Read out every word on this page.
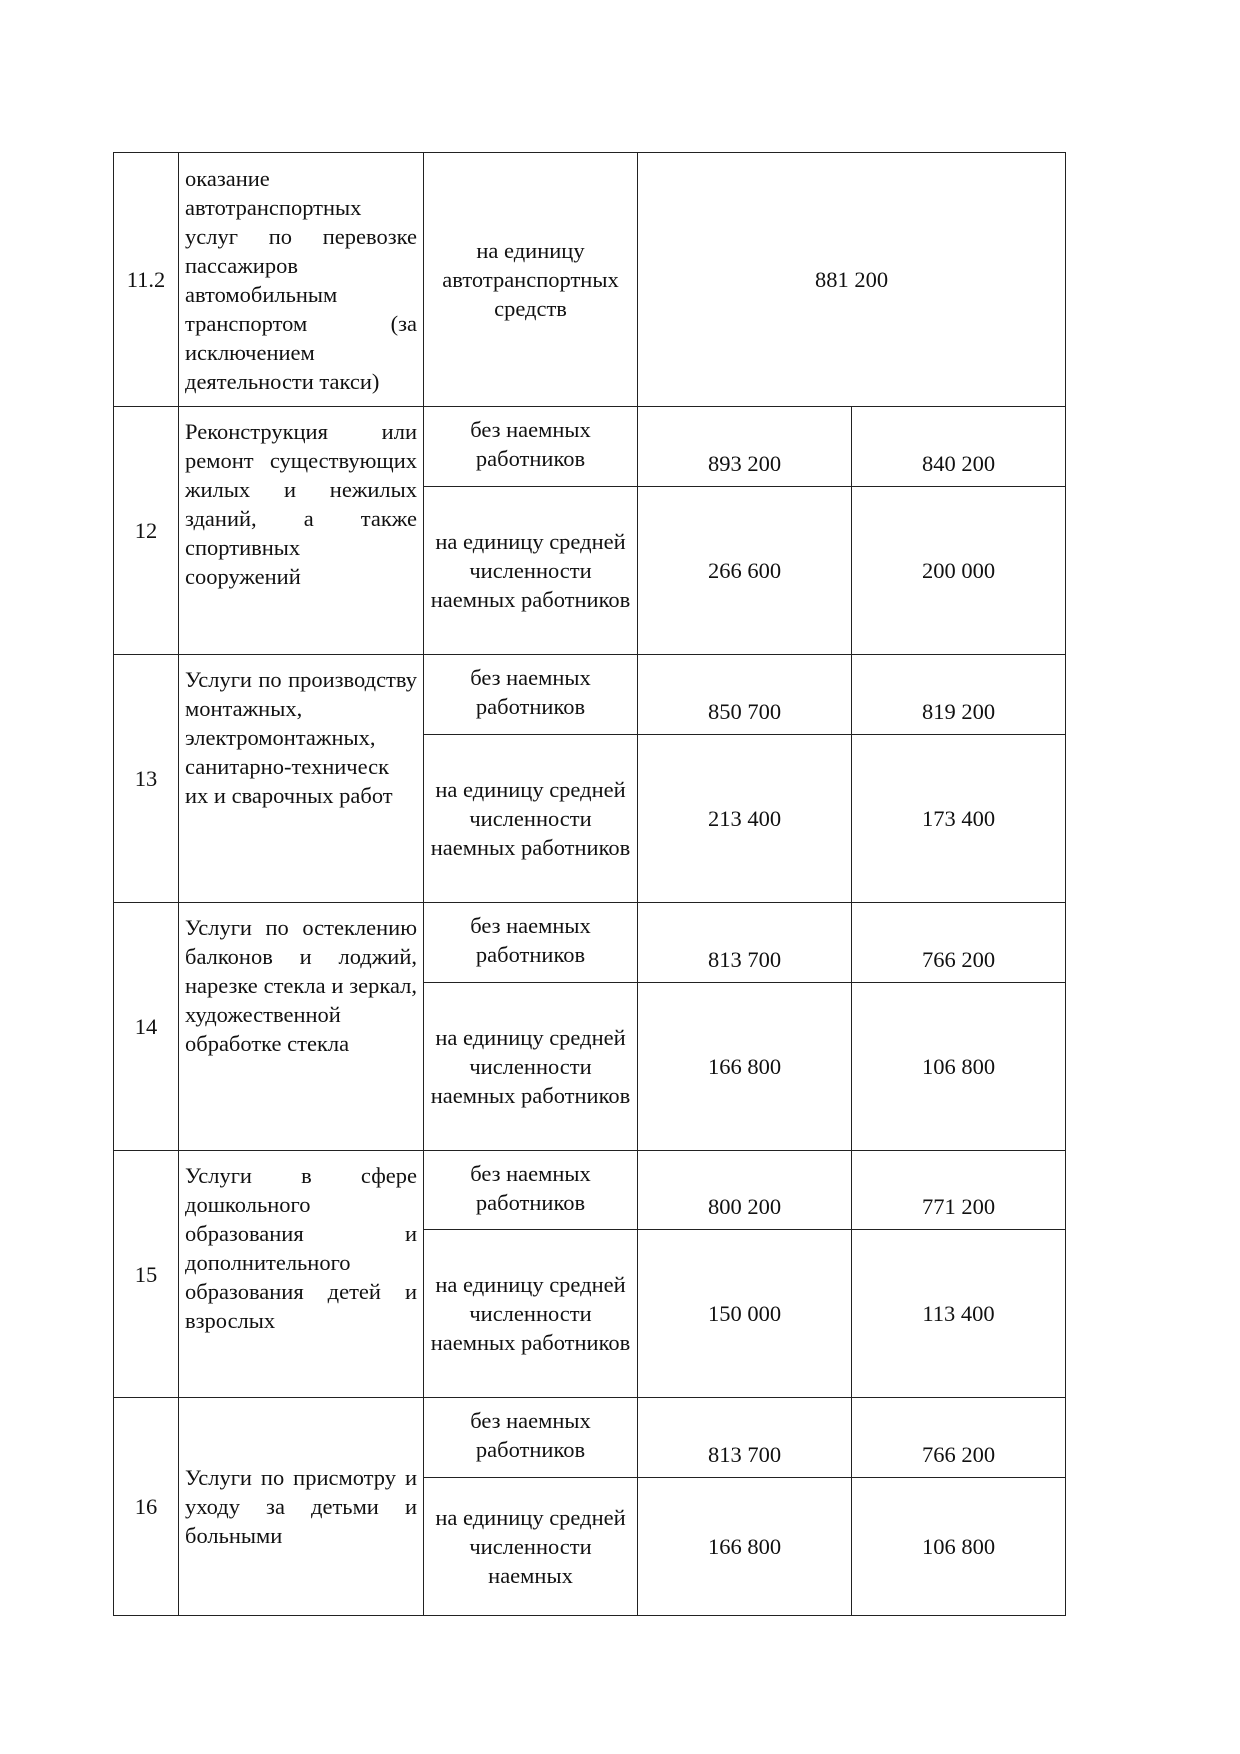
11.2	оказание автотранспортных услуг по перевозке пассажиров автомобильным транспортом (за исключением деятельности такси)	на единицу автотранспортных средств	881 200	
12	Реконструкция или ремонт существующих жилых и нежилых зданий, а также спортивных сооружений	без наемных работников	893 200	840 200
		на единицу средней численности наемных работников	266 600	200 000
13	Услуги по производству монтажных, электромонтажных, санитарно-техническ их и сварочных работ	без наемных работников	850 700	819 200
		на единицу средней численности наемных работников	213 400	173 400
14	Услуги по остеклению балконов и лоджий, нарезке стекла и зеркал, художественной обработке стекла	без наемных работников	813 700	766 200
		на единицу средней численности наемных работников	166 800	106 800
15	Услуги в сфере дошкольного образования и дополнительного образования детей и взрослых	без наемных работников	800 200	771 200
		на единицу средней численности наемных работников	150 000	113 400
16	Услуги по присмотру и уходу за детьми и больными	без наемных работников	813 700	766 200
		на единицу средней численности наемных	166 800	106 800
